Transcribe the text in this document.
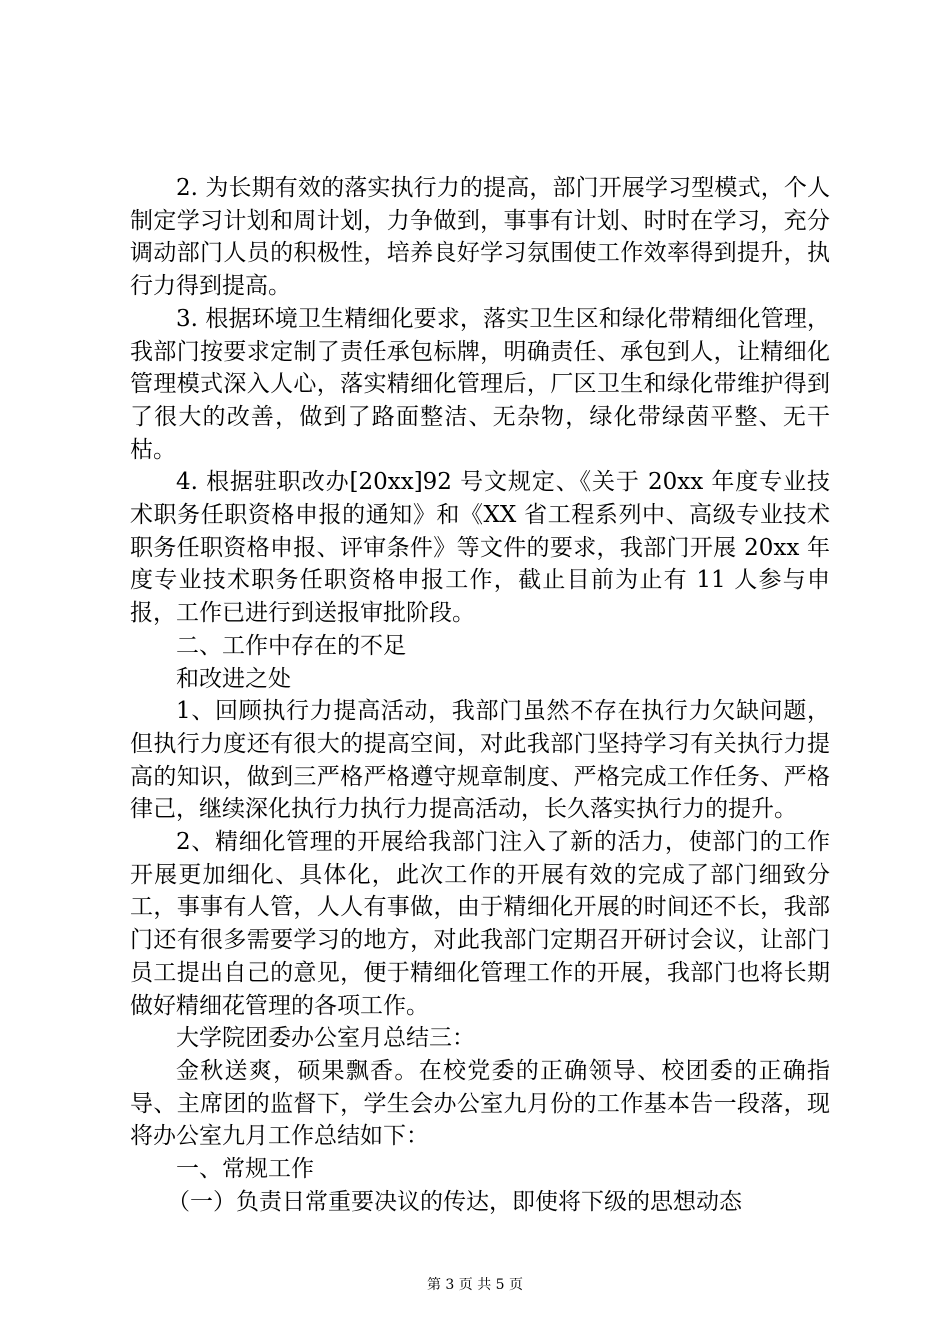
2. 为长期有效的落实执行力的提高，部门开展学习型模式，个人制定学习计划和周计划，力争做到，事事有计划、时时在学习，充分调动部门人员的积极性，培养良好学习氛围使工作效率得到提升，执行力得到提高。

3. 根据环境卫生精细化要求，落实卫生区和绿化带精细化管理，我部门按要求定制了责任承包标牌，明确责任、承包到人，让精细化管理模式深入人心，落实精细化管理后，厂区卫生和绿化带维护得到了很大的改善，做到了路面整洁、无杂物，绿化带绿茵平整、无干枯。

4. 根据驻职改办[20xx]92 号文规定、《关于 20xx 年度专业技术职务任职资格申报的通知》和《XX 省工程系列中、高级专业技术职务任职资格申报、评审条件》等文件的要求，我部门开展 20xx 年度专业技术职务任职资格申报工作，截止目前为止有 11 人参与申报，工作已进行到送报审批阶段。

二、工作中存在的不足

和改进之处

1、回顾执行力提高活动，我部门虽然不存在执行力欠缺问题，但执行力度还有很大的提高空间，对此我部门坚持学习有关执行力提高的知识，做到三严格严格遵守规章制度、严格完成工作任务、严格律己，继续深化执行力执行力提高活动，长久落实执行力的提升。

2、精细化管理的开展给我部门注入了新的活力，使部门的工作开展更加细化、具体化，此次工作的开展有效的完成了部门细致分工，事事有人管，人人有事做，由于精细化开展的时间还不长，我部门还有很多需要学习的地方，对此我部门定期召开研讨会议，让部门员工提出自己的意见，便于精细化管理工作的开展，我部门也将长期做好精细花管理的各项工作。

大学院团委办公室月总结三：

金秋送爽，硕果飘香。在校党委的正确领导、校团委的正确指导、主席团的监督下，学生会办公室九月份的工作基本告一段落，现将办公室九月工作总结如下：

一、常规工作

（一）负责日常重要决议的传达，即使将下级的思想动态

第 3 页 共 5 页
